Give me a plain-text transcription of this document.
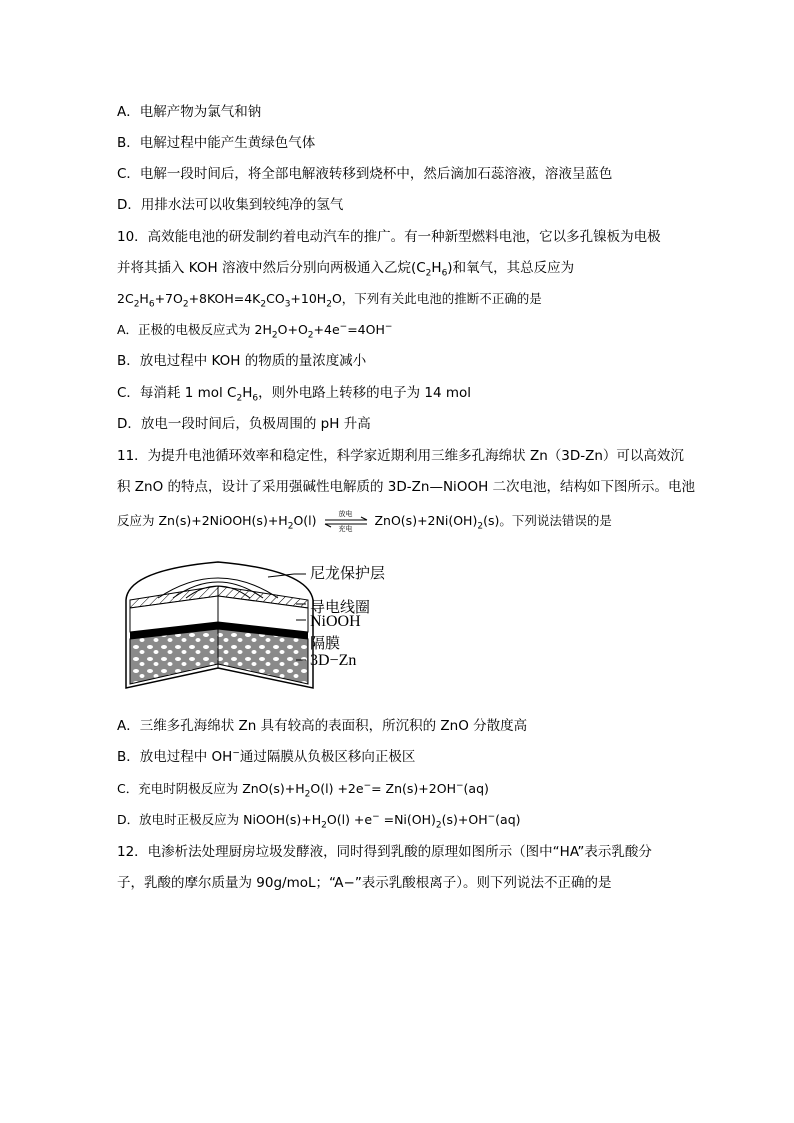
A．电解产物为氯气和钠
B．电解过程中能产生黄绿色气体
C．电解一段时间后，将全部电解液转移到烧杯中，然后滴加石蕊溶液，溶液呈蓝色
D．用排水法可以收集到较纯净的氢气
10．高效能电池的研发制约着电动汽车的推广。有一种新型燃料电池，它以多孔镍板为电极
并将其插入 KOH 溶液中然后分别向两极通入乙烷$(C_2H_6)$和氧气，其总反应为
$2C_2H_6+7O_2+8KOH=4K_2CO_3+10H_2O$，下列有关此电池的推断不正确的是
A．正极的电极反应式为 $2H_2O+O_2+4e^-=4OH^-$
B．放电过程中 KOH 的物质的量浓度减小
C．每消耗 1 mol $C_2H_6$，则外电路上转移的电子为 14 mol
D．放电一段时间后，负极周围的 pH 升高
11．为提升电池循环效率和稳定性，科学家近期利用三维多孔海绵状 Zn（3D-Zn）可以高效沉
积 ZnO 的特点，设计了采用强碱性电解质的 3D-Zn—NiOOH 二次电池，结构如下图所示。电池
反应为 $Zn(s)+2NiOOH(s)+H_2O(l)$	放电
充电
$ZnO(s)+2Ni(OH)_2(s)$。下列说法错误的是
尼龙保护层
导电线圈
NiOOH
隔膜
3D−Zn
A．三维多孔海绵状 Zn 具有较高的表面积，所沉积的 ZnO 分散度高
B．放电过程中 OH−通过隔膜从负极区移向正极区
C．充电时阴极反应为 $ZnO(s)+H_2O(l) +2e^-= Zn(s)+2OH^-(aq)$
D．放电时正极反应为 $NiOOH(s)+H_2O(l) +e^- =Ni(OH)_2(s)+OH^-(aq)$
12．电渗析法处理厨房垃圾发酵液，同时得到乳酸的原理如图所示（图中“HA”表示乳酸分
子，乳酸的摩尔质量为 90g/moL；“A−”表示乳酸根离子）。则下列说法不正确的是
